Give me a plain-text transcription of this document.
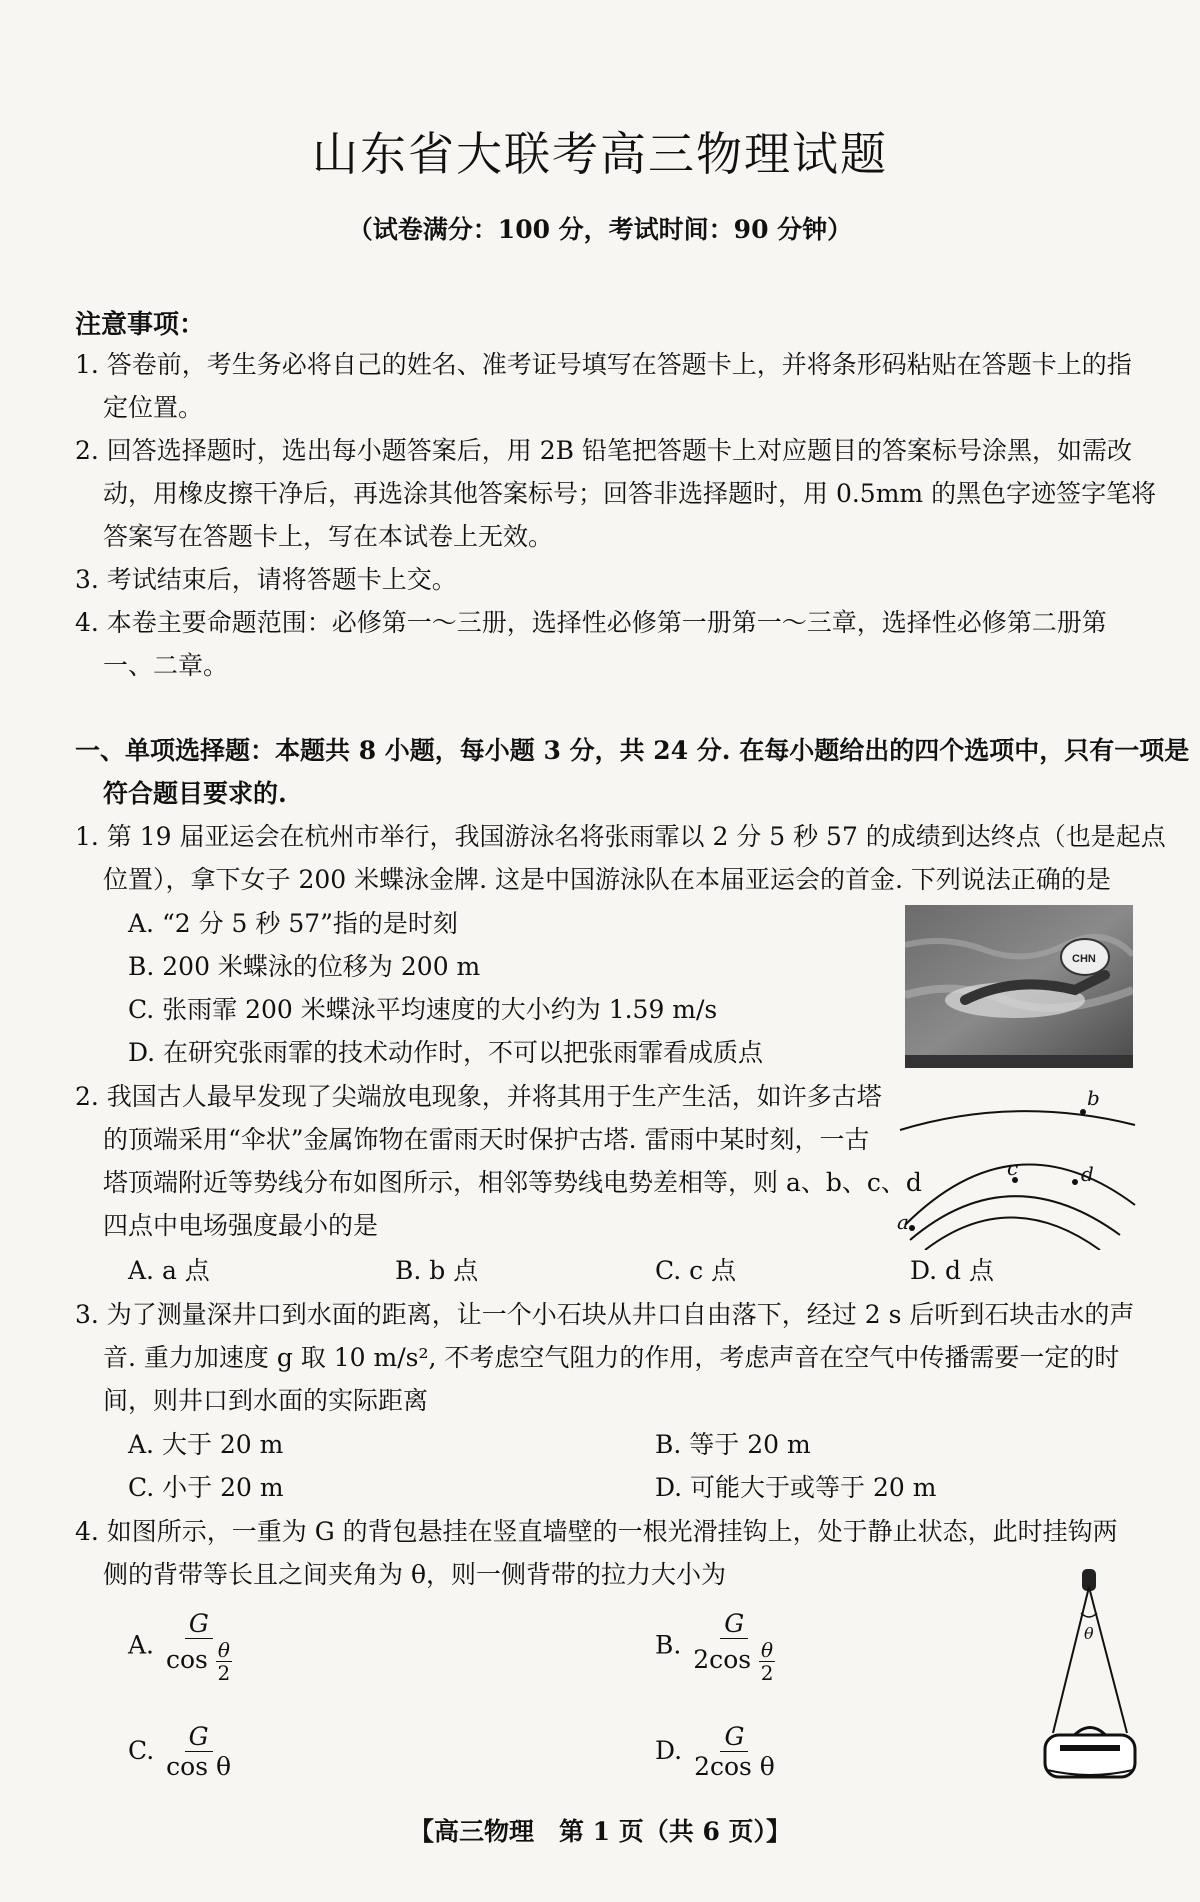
山东省大联考高三物理试题
（试卷满分：100 分，考试时间：90 分钟）
注意事项：
1. 答卷前，考生务必将自己的姓名、准考证号填写在答题卡上，并将条形码粘贴在答题卡上的指
定位置。
2. 回答选择题时，选出每小题答案后，用 2B 铅笔把答题卡上对应题目的答案标号涂黑，如需改
动，用橡皮擦干净后，再选涂其他答案标号；回答非选择题时，用 0.5mm 的黑色字迹签字笔将
答案写在答题卡上，写在本试卷上无效。
3. 考试结束后，请将答题卡上交。
4. 本卷主要命题范围：必修第一～三册，选择性必修第一册第一～三章，选择性必修第二册第
一、二章。
一、单项选择题：本题共 8 小题，每小题 3 分，共 24 分. 在每小题给出的四个选项中，只有一项是
符合题目要求的.
1. 第 19 届亚运会在杭州市举行，我国游泳名将张雨霏以 2 分 5 秒 57 的成绩到达终点（也是起点
位置），拿下女子 200 米蝶泳金牌. 这是中国游泳队在本届亚运会的首金. 下列说法正确的是
A. “2 分 5 秒 57”指的是时刻
B. 200 米蝶泳的位移为 200 m
C. 张雨霏 200 米蝶泳平均速度的大小约为 1.59 m/s
D. 在研究张雨霏的技术动作时，不可以把张雨霏看成质点
CHN
2. 我国古人最早发现了尖端放电现象，并将其用于生产生活，如许多古塔
的顶端采用“伞状”金属饰物在雷雨天时保护古塔. 雷雨中某时刻，一古
塔顶端附近等势线分布如图所示，相邻等势线电势差相等，则 a、b、c、d
四点中电场强度最小的是
A. a 点	B. b 点	C. c 点	D. d 点
b
c	d
a
3. 为了测量深井口到水面的距离，让一个小石块从井口自由落下，经过 2 s 后听到石块击水的声
音. 重力加速度 g 取 10 m/s², 不考虑空气阻力的作用，考虑声音在空气中传播需要一定的时
间，则井口到水面的实际距离
A. 大于 20 m	B. 等于 20 m
C. 小于 20 m	D. 可能大于或等于 20 m
4. 如图所示，一重为 G 的背包悬挂在竖直墙壁的一根光滑挂钩上，处于静止状态，此时挂钩两
侧的背带等长且之间夹角为 θ，则一侧背带的拉力大小为
A. $\frac{G}{\cos \frac{\theta}{2}}$	B. $\frac{G}{2\cos \frac{\theta}{2}}$
C. $\frac{G}{\text{cos θ}}$	D. $\frac{G}{\text{2cos θ}}$
θ
【高三物理　第 1 页（共 6 页）】
